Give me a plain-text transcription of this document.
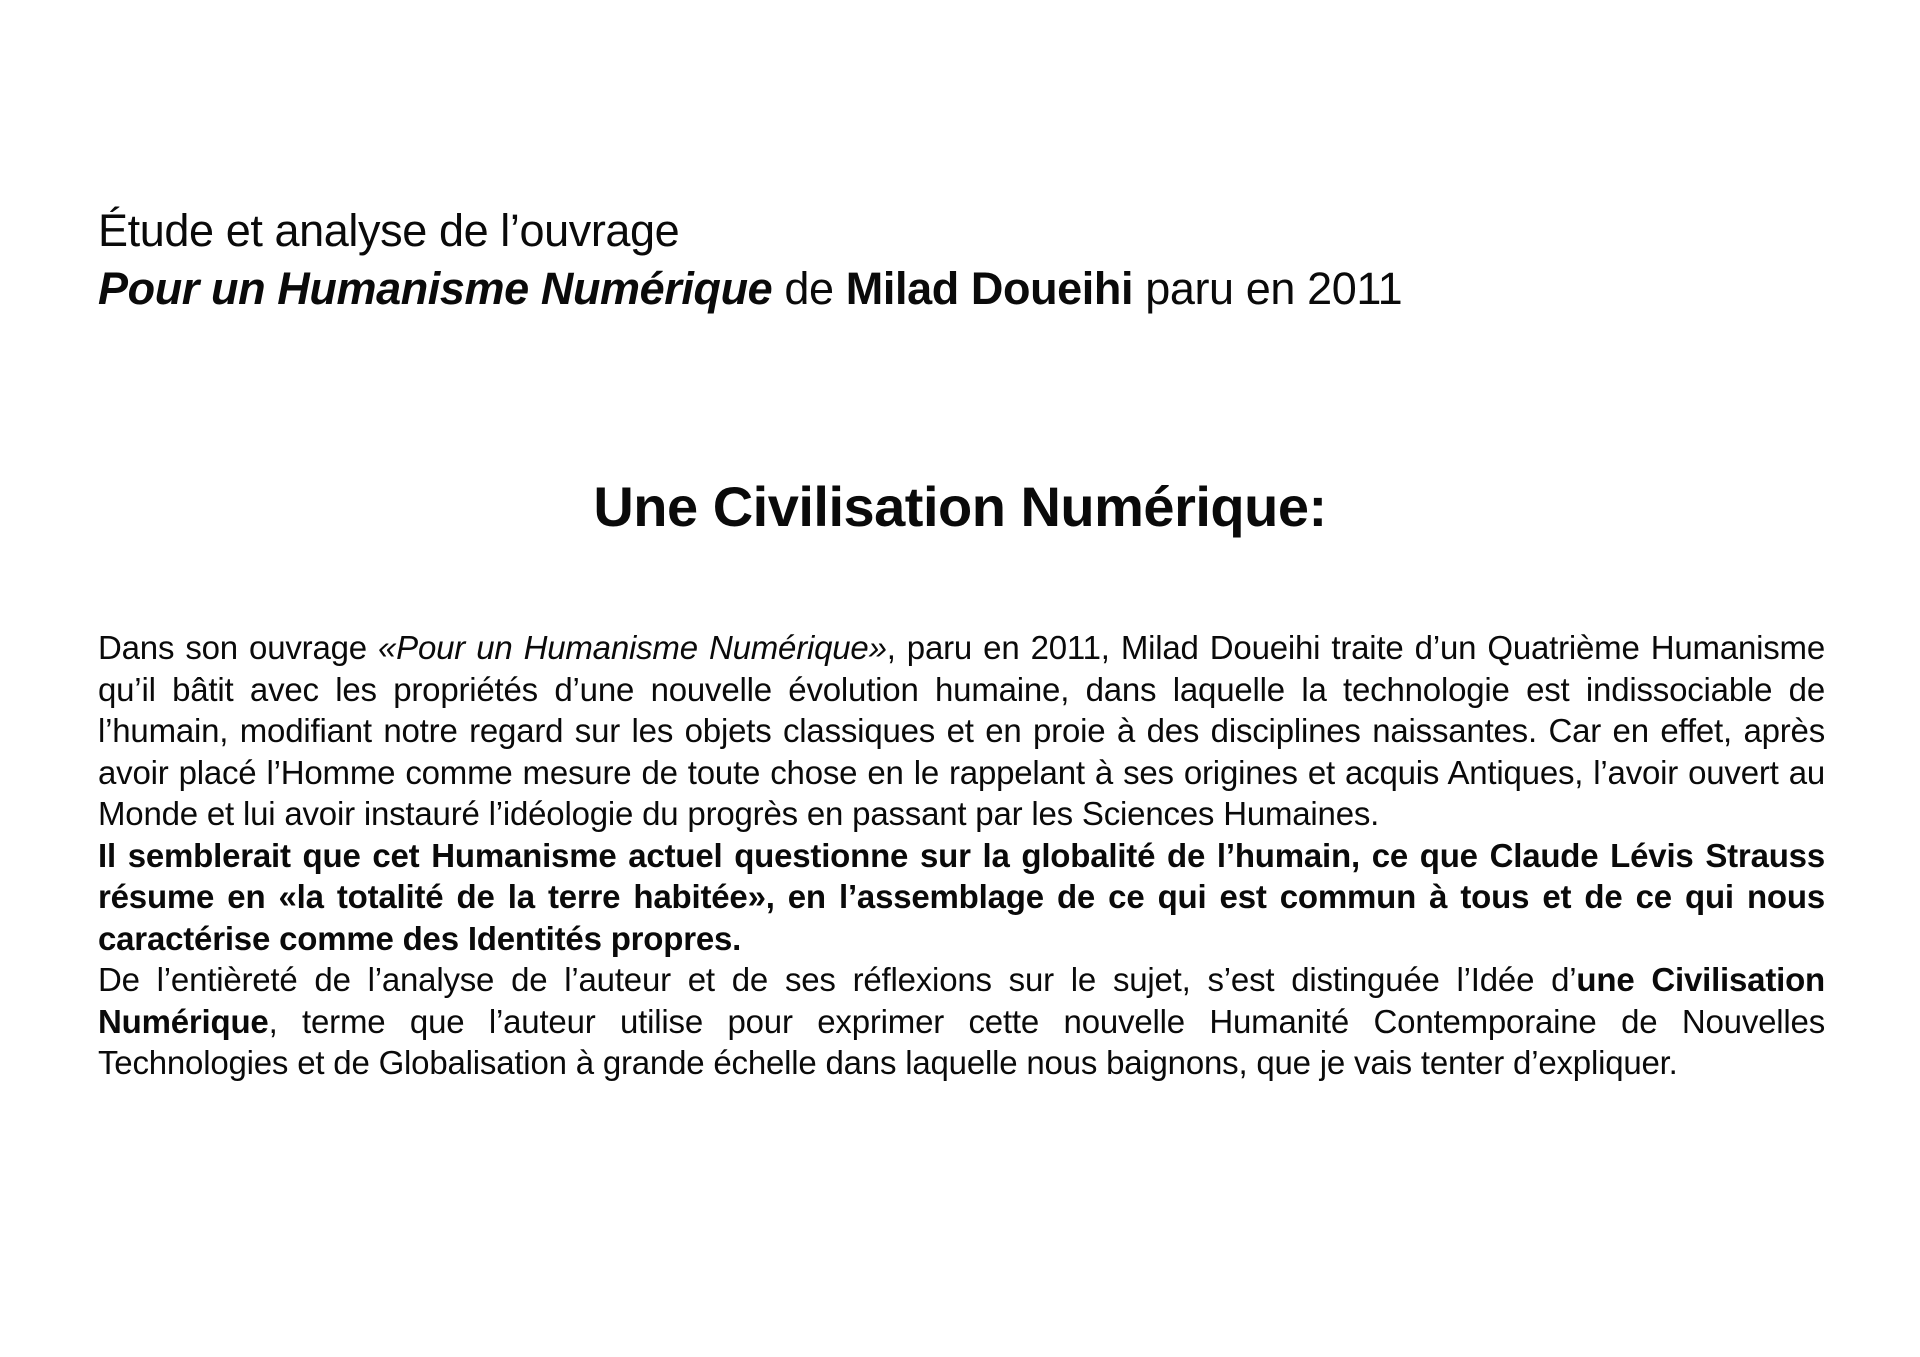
Étude et analyse de l’ouvrage
Pour un Humanisme Numérique de Milad Doueihi paru en 2011
Une Civilisation Numérique:

Dans son ouvrage «Pour un Humanisme Numérique», paru en 2011, Milad Doueihi traite d’un Quatrième Humanisme qu’il bâtit avec les propriétés d’une nouvelle évolution humaine, dans laquelle la technologie est indissociable de l’humain, modifiant notre regard sur les objets classiques et en proie à des disciplines naissantes. Car en effet, après avoir placé l’Homme comme mesure de toute chose en le rappelant à ses origines et acquis Antiques, l’avoir ouvert au Monde et lui avoir instauré l’idéologie du progrès en passant par les Sciences Humaines.

Il semblerait que cet Humanisme actuel questionne sur la globalité de l’humain, ce que Claude Lévis Strauss résume en «la totalité de la terre habitée», en l’assemblage de ce qui est commun à tous et de ce qui nous caractérise comme des Identités propres.

De l’entièreté de l’analyse de l’auteur et de ses réflexions sur le sujet, s’est distinguée l’Idée d’une Civilisation Numérique, terme que l’auteur utilise pour exprimer cette nouvelle Humanité Contemporaine de Nouvelles Technologies et de Globalisation à grande échelle dans laquelle nous baignons, que je vais tenter d’expliquer.
